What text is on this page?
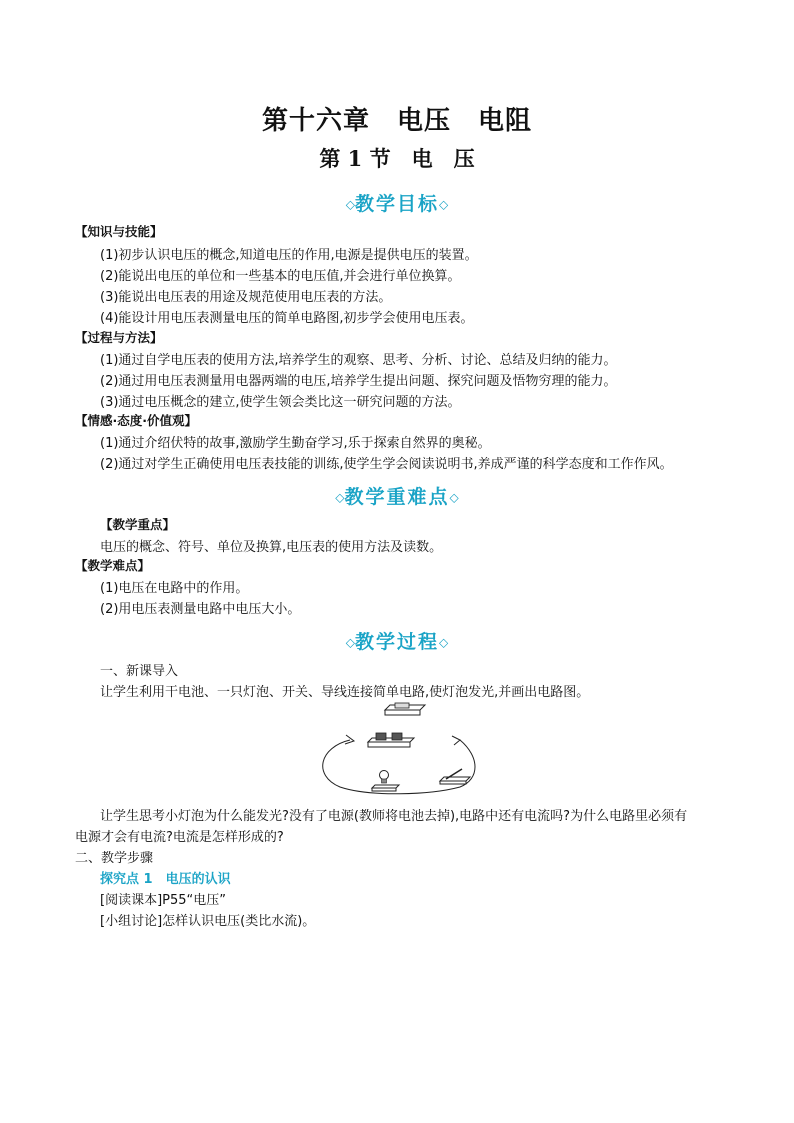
第十六章　电压　电阻
第 1 节　电　压
◇教学目标◇
【知识与技能】
(1)初步认识电压的概念,知道电压的作用,电源是提供电压的装置。
(2)能说出电压的单位和一些基本的电压值,并会进行单位换算。
(3)能说出电压表的用途及规范使用电压表的方法。
(4)能设计用电压表测量电压的简单电路图,初步学会使用电压表。
【过程与方法】
(1)通过自学电压表的使用方法,培养学生的观察、思考、分析、讨论、总结及归纳的能力。
(2)通过用电压表测量用电器两端的电压,培养学生提出问题、探究问题及悟物穷理的能力。
(3)通过电压概念的建立,使学生领会类比这一研究问题的方法。
【情感·态度·价值观】
(1)通过介绍伏特的故事,激励学生勤奋学习,乐于探索自然界的奥秘。
(2)通过对学生正确使用电压表技能的训练,使学生学会阅读说明书,养成严谨的科学态度和工作作风。
◇教学重难点◇
【教学重点】
电压的概念、符号、单位及换算,电压表的使用方法及读数。
【教学难点】
(1)电压在电路中的作用。
(2)用电压表测量电路中电压大小。
◇教学过程◇
一、新课导入
让学生利用干电池、一只灯泡、开关、导线连接简单电路,使灯泡发光,并画出电路图。
让学生思考小灯泡为什么能发光?没有了电源(教师将电池去掉),电路中还有电流吗?为什么电路里必须有
电源才会有电流?电流是怎样形成的?
二、教学步骤
探究点 1　电压的认识
[阅读课本]P55“电压”
[小组讨论]怎样认识电压(类比水流)。
